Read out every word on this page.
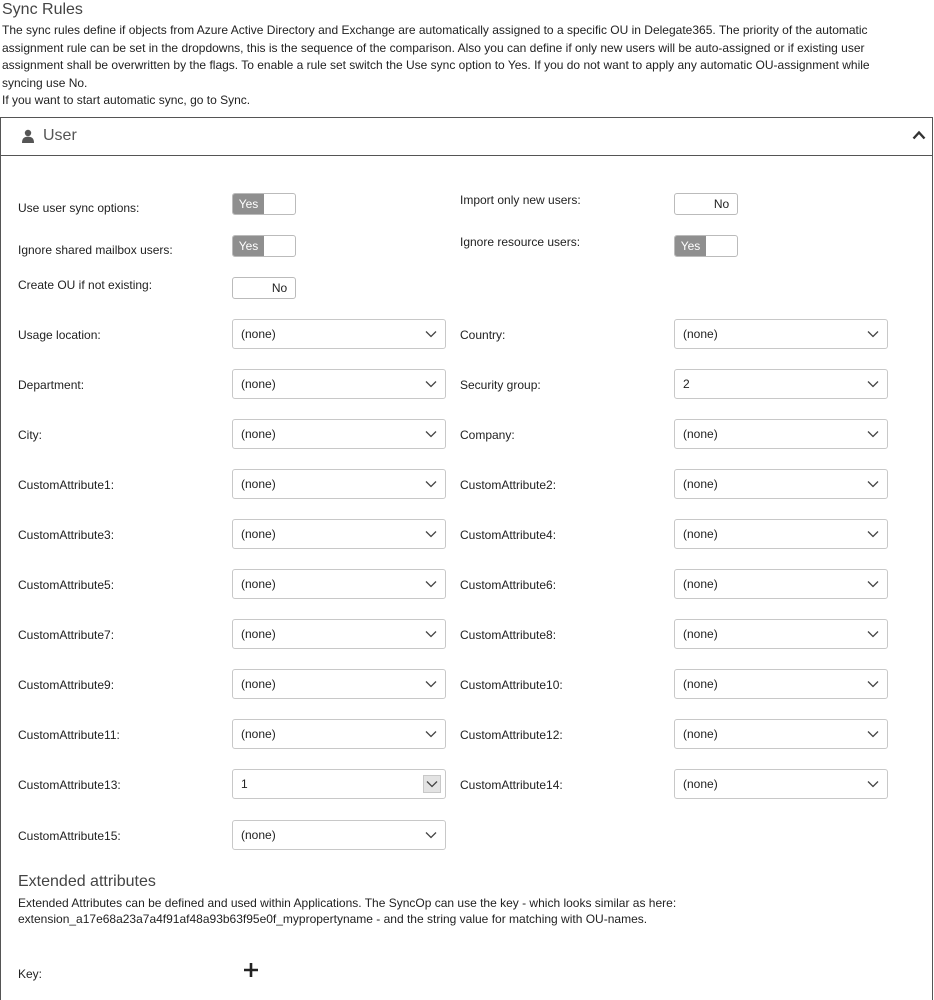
Sync Rules

The sync rules define if objects from Azure Active Directory and Exchange are automatically assigned to a specific OU in Delegate365. The priority of the automatic

assignment rule can be set in the dropdowns, this is the sequence of the comparison. Also you can define if only new users will be auto-assigned or if existing user

assignment shall be overwritten by the flags. To enable a rule set switch the Use sync option to Yes. If you do not want to apply any automatic OU-assignment while

syncing use No.

If you want to start automatic sync, go to Sync.

User
Use user sync options:	Yes	Import only new users:	No
Ignore shared mailbox users:	Yes	Ignore resource users:	Yes
Create OU if not existing:	No
Usage location:	(none)	Country:	(none)
Department:	(none)	Security group:	2
City:	(none)	Company:	(none)
CustomAttribute1:	(none)	CustomAttribute2:	(none)
CustomAttribute3:	(none)	CustomAttribute4:	(none)
CustomAttribute5:	(none)	CustomAttribute6:	(none)
CustomAttribute7:	(none)	CustomAttribute8:	(none)
CustomAttribute9:	(none)	CustomAttribute10:	(none)
CustomAttribute11:	(none)	CustomAttribute12:	(none)
CustomAttribute13:	1	CustomAttribute14:	(none)
CustomAttribute15:	(none)
Extended attributes

Extended Attributes can be defined and used within Applications. The SyncOp can use the key - which looks similar as here:

extension_a17e68a23a7a4f91af48a93b63f95e0f_mypropertyname - and the string value for matching with OU-names.

Key:
